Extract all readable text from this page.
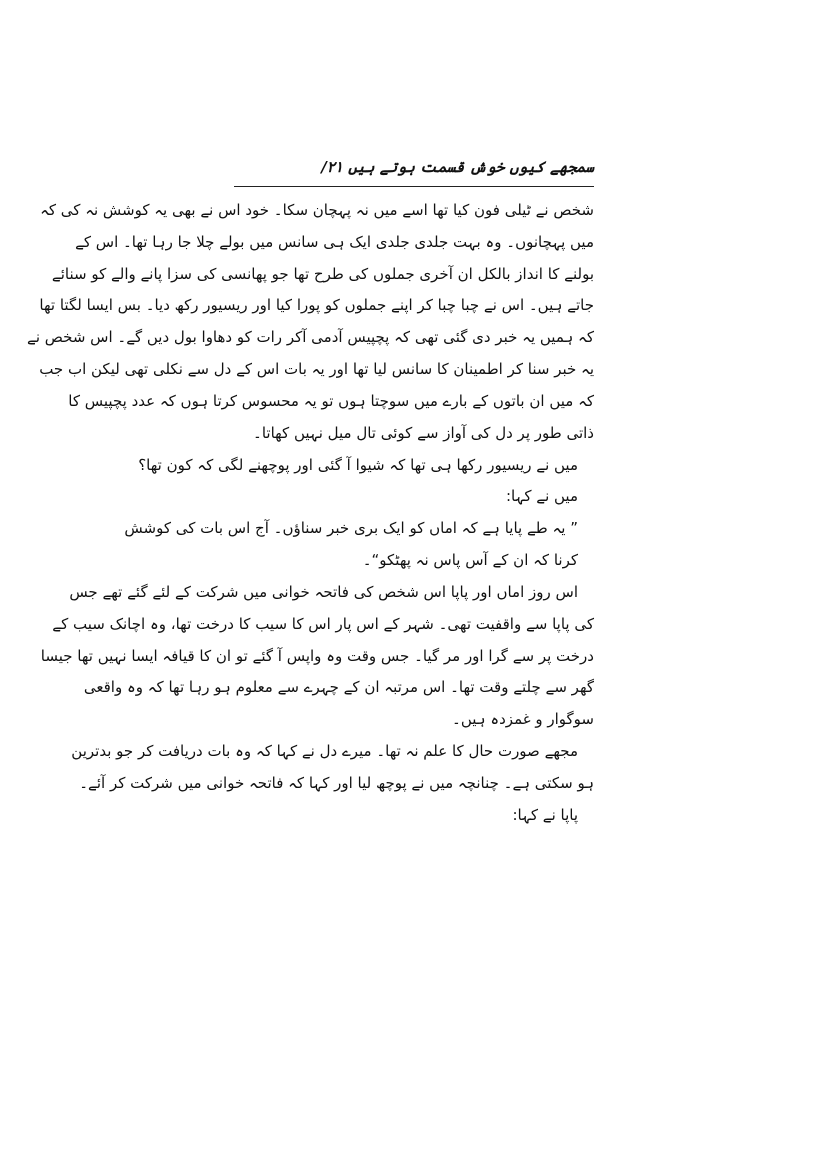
سمجھے کیوں خوش قسمت ہوتے ہیں ۲۱/
شخص نے ٹیلی فون کیا تھا اسے میں نہ پہچان سکا۔ خود اس نے بھی یہ کوشش نہ کی کہ
میں پہچانوں۔ وہ بہت جلدی جلدی ایک ہی سانس میں بولے چلا جا رہا تھا۔ اس کے
بولنے کا انداز بالکل ان آخری جملوں کی طرح تھا جو پھانسی کی سزا پانے والے کو سنائے
جاتے ہیں۔ اس نے چبا چبا کر اپنے جملوں کو پورا کیا اور ریسیور رکھ دیا۔ بس ایسا لگتا تھا
کہ ہمیں یہ خبر دی گئی تھی کہ پچپیس آدمی آکر رات کو دھاوا بول دیں گے۔ اس شخص نے
یہ خبر سنا کر اطمینان کا سانس لیا تھا اور یہ بات اس کے دل سے نکلی تھی لیکن اب جب
کہ میں ان باتوں کے بارے میں سوچتا ہوں تو یہ محسوس کرتا ہوں کہ عدد پچپیس کا
ذاتی طور پر دل کی آواز سے کوئی تال میل نہیں کھاتا۔
میں نے ریسیور رکھا ہی تھا کہ شیوا آ گئی اور پوچھنے لگی کہ کون تھا؟
میں نے کہا:
” یہ طے پایا ہے کہ اماں کو ایک بری خبر سناؤں۔ آج اس بات کی کوشش
کرنا کہ ان کے آس پاس نہ پھٹکو“۔
اس روز اماں اور پاپا اس شخص کی فاتحہ خوانی میں شرکت کے لئے گئے تھے جس
کی پاپا سے واقفیت تھی۔ شہر کے اس پار اس کا سیب کا درخت تھا، وہ اچانک سیب کے
درخت پر سے گرا اور مر گیا۔ جس وقت وہ واپس آ گئے تو ان کا قیافہ ایسا نہیں تھا جیسا
گھر سے چلتے وقت تھا۔ اس مرتبہ ان کے چہرے سے معلوم ہو رہا تھا کہ وہ واقعی
سوگوار و غمزدہ ہیں۔
مجھے صورت حال کا علم نہ تھا۔ میرے دل نے کہا کہ وہ بات دریافت کر جو بدترین
ہو سکتی ہے۔ چنانچہ میں نے پوچھ لیا اور کہا کہ فاتحہ خوانی میں شرکت کر آئے۔
پاپا نے کہا:
